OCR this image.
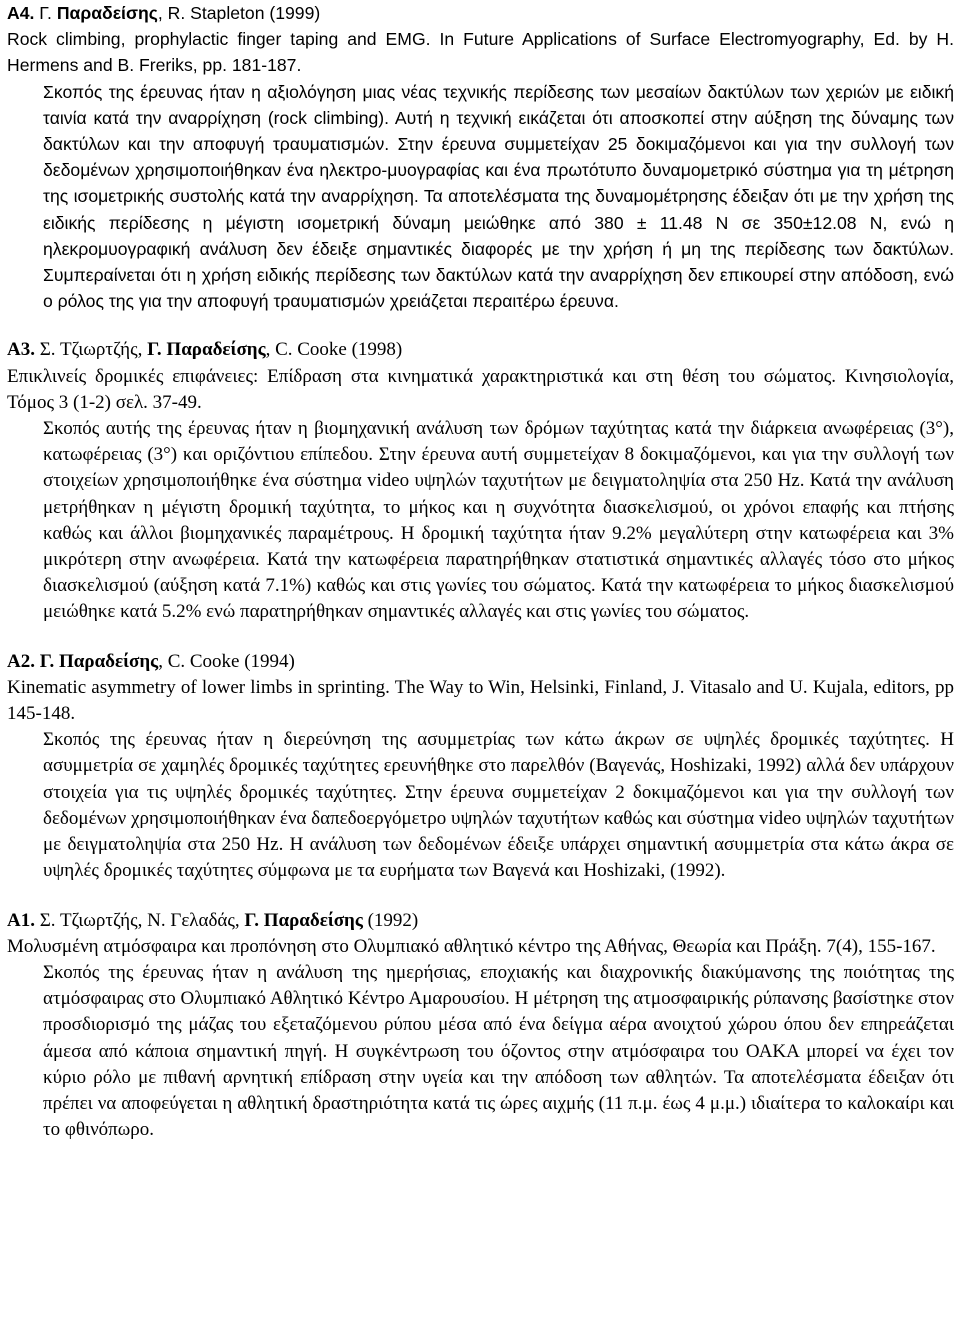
A4. Γ. Παραδείσης, R. Stapleton (1999)
Rock climbing, prophylactic finger taping and EMG. In Future Applications of Surface Electromyography, Ed. by H. Hermens and B. Freriks, pp. 181-187.

Σκοπός της έρευνας ήταν η αξιολόγηση μιας νέας τεχνικής περίδεσης των μεσαίων δακτύλων των χεριών με ειδική ταινία κατά την αναρρίχηση (rock climbing). Αυτή η τεχνική εικάζεται ότι αποσκοπεί στην αύξηση της δύναμης των δακτύλων και την αποφυγή τραυματισμών. Στην έρευνα συμμετείχαν 25 δοκιμαζόμενοι και για την συλλογή των δεδομένων χρησιμοποιήθηκαν ένα ηλεκτρο-μυογραφίας και ένα πρωτότυπο δυναμομετρικό σύστημα για τη μέτρηση της ισομετρικής συστολής κατά την αναρρίχηση. Τα αποτελέσματα της δυναμομέτρησης έδειξαν ότι με την χρήση της ειδικής περίδεσης η μέγιστη ισομετρική δύναμη μειώθηκε από 380 ± 11.48 N σε 350±12.08 N, ενώ η ηλεκρομυογραφική ανάλυση δεν έδειξε σημαντικές διαφορές με την χρήση ή μη της περίδεσης των δακτύλων. Συμπεραίνεται ότι η χρήση ειδικής περίδεσης των δακτύλων κατά την αναρρίχηση δεν επικουρεί στην απόδοση, ενώ ο ρόλος της για την αποφυγή τραυματισμών χρειάζεται περαιτέρω έρευνα.

A3. Σ. Τζιωρτζής, Γ. Παραδείσης, C. Cooke (1998)
Επικλινείς δρομικές επιφάνειες: Επίδραση στα κινηματικά χαρακτηριστικά και στη θέση του σώματος. Κινησιολογία, Τόμος 3 (1-2) σελ. 37-49.

Σκοπός αυτής της έρευνας ήταν η βιομηχανική ανάλυση των δρόμων ταχύτητας κατά την διάρκεια ανωφέρειας (3°), κατωφέρειας (3°) και οριζόντιου επίπεδου. Στην έρευνα αυτή συμμετείχαν 8 δοκιμαζόμενοι, και για την συλλογή των στοιχείων χρησιμοποιήθηκε ένα σύστημα video υψηλών ταχυτήτων με δειγματοληψία στα 250 Hz. Κατά την ανάλυση μετρήθηκαν η μέγιστη δρομική ταχύτητα, το μήκος και η συχνότητα διασκελισμού, οι χρόνοι επαφής και πτήσης καθώς και άλλοι βιομηχανικές παραμέτρους. Η δρομική ταχύτητα ήταν 9.2% μεγαλύτερη στην κατωφέρεια και 3% μικρότερη στην ανωφέρεια. Κατά την κατωφέρεια παρατηρήθηκαν στατιστικά σημαντικές αλλαγές τόσο στο μήκος διασκελισμού (αύξηση κατά 7.1%) καθώς και στις γωνίες του σώματος. Κατά την κατωφέρεια το μήκος διασκελισμού μειώθηκε κατά 5.2% ενώ παρατηρήθηκαν σημαντικές αλλαγές και στις γωνίες του σώματος.

A2. Γ. Παραδείσης, C. Cooke (1994)
Kinematic asymmetry of lower limbs in sprinting. The Way to Win, Helsinki, Finland, J. Vitasalo and U. Kujala, editors, pp 145-148.

Σκοπός της έρευνας ήταν η διερεύνηση της ασυμμετρίας των κάτω άκρων σε υψηλές δρομικές ταχύτητες. Η ασυμμετρία σε χαμηλές δρομικές ταχύτητες ερευνήθηκε στο παρελθόν (Βαγενάς, Hoshizaki, 1992) αλλά δεν υπάρχουν στοιχεία για τις υψηλές δρομικές ταχύτητες. Στην έρευνα συμμετείχαν 2 δοκιμαζόμενοι και για την συλλογή των δεδομένων χρησιμοποιήθηκαν ένα δαπεδοεργόμετρο υψηλών ταχυτήτων καθώς και σύστημα video υψηλών ταχυτήτων με δειγματοληψία στα 250 Hz. Η ανάλυση των δεδομένων έδειξε υπάρχει σημαντική ασυμμετρία στα κάτω άκρα σε υψηλές δρομικές ταχύτητες σύμφωνα με τα ευρήματα των Βαγενά και Hoshizaki, (1992).

A1. Σ. Τζιωρτζής, Ν. Γελαδάς, Γ. Παραδείσης (1992)
Μολυσμένη ατμόσφαιρα και προπόνηση στο Ολυμπιακό αθλητικό κέντρο της Αθήνας, Θεωρία και Πράξη. 7(4), 155-167.

Σκοπός της έρευνας ήταν η ανάλυση της ημερήσιας, εποχιακής και διαχρονικής διακύμανσης της ποιότητας της ατμόσφαιρας στο Ολυμπιακό Αθλητικό Κέντρο Αμαρουσίου. Η μέτρηση της ατμοσφαιρικής ρύπανσης βασίστηκε στον προσδιορισμό της μάζας του εξεταζόμενου ρύπου μέσα από ένα δείγμα αέρα ανοιχτού χώρου όπου δεν επηρεάζεται άμεσα από κάποια σημαντική πηγή. Η συγκέντρωση του όζοντος στην ατμόσφαιρα του ΟΑΚΑ μπορεί να έχει τον κύριο ρόλο με πιθανή αρνητική επίδραση στην υγεία και την απόδοση των αθλητών. Τα αποτελέσματα έδειξαν ότι πρέπει να αποφεύγεται η αθλητική δραστηριότητα κατά τις ώρες αιχμής (11 π.μ. έως 4 μ.μ.) ιδιαίτερα το καλοκαίρι και το φθινόπωρο.
